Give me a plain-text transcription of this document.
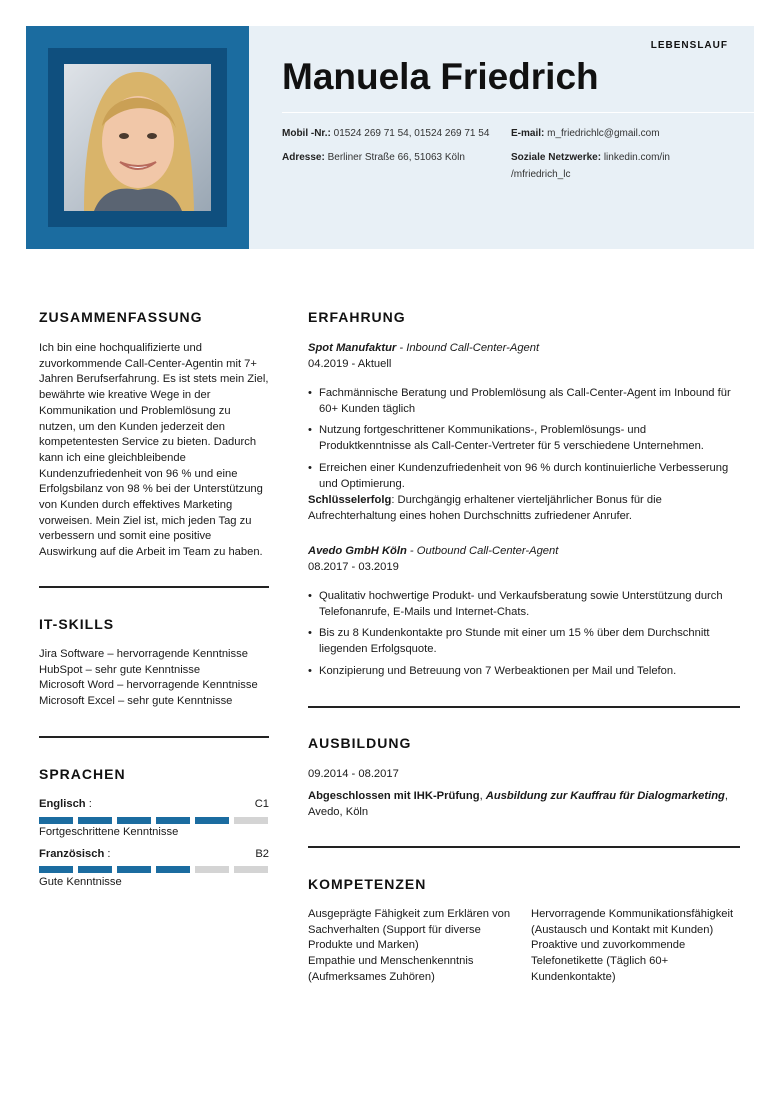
LEBENSLAUF
Manuela Friedrich
Mobil -Nr.: 01524 269 71 54, 01524 269 71 54 E-mail: m_friedrichlc@gmail.com
Adresse: Berliner Straße 66, 51063 Köln	Soziale Netzwerke: linkedin.com/in
/mfriedrich_lc
ZUSAMMENFASSUNG
Ich bin eine hochqualifizierte und
zuvorkommende Call-Center-Agentin mit 7+
Jahren Berufserfahrung. Es ist stets mein Ziel,
bewährte wie kreative Wege in der
Kommunikation und Problemlösung zu
nutzen, um den Kunden jederzeit den
kompetentesten Service zu bieten. Dadurch
kann ich eine gleichbleibende
Kundenzufriedenheit von 96 % und eine
Erfolgsbilanz von 98 % bei der Unterstützung
von Kunden durch effektives Marketing
vorweisen. Mein Ziel ist, mich jeden Tag zu
verbessern und somit eine positive
Auswirkung auf die Arbeit im Team zu haben.
IT-SKILLS
Jira Software – hervorragende Kenntnisse
HubSpot – sehr gute Kenntnisse
Microsoft Word – hervorragende Kenntnisse
Microsoft Excel – sehr gute Kenntnisse
SPRACHEN
Englisch :	C1
Fortgeschrittene Kenntnisse
Französisch :	B2
Gute Kenntnisse
ERFAHRUNG
Spot Manufaktur - Inbound Call-Center-Agent
04.2019 - Aktuell
• Fachmännische Beratung und Problemlösung als Call-Center-Agent im Inbound für
60+ Kunden täglich
• Nutzung fortgeschrittener Kommunikations-, Problemlösungs- und
Produktkenntnisse als Call-Center-Vertreter für 5 verschiedene Unternehmen.
• Erreichen einer Kundenzufriedenheit von 96 % durch kontinuierliche Verbesserung
und Optimierung.
Schlüsselerfolg: Durchgängig erhaltener vierteljährlicher Bonus für die
Aufrechterhaltung eines hohen Durchschnitts zufriedener Anrufer.
Avedo GmbH Köln - Outbound Call-Center-Agent
08.2017 - 03.2019
• Qualitativ hochwertige Produkt- und Verkaufsberatung sowie Unterstützung durch
Telefonanrufe, E-Mails und Internet-Chats.
• Bis zu 8 Kundenkontakte pro Stunde mit einer um 15 % über dem Durchschnitt
liegenden Erfolgsquote.
• Konzipierung und Betreuung von 7 Werbeaktionen per Mail und Telefon.
AUSBILDUNG
09.2014 - 08.2017
Abgeschlossen mit IHK-Prüfung, Ausbildung zur Kauffrau für Dialogmarketing,
Avedo, Köln
KOMPETENZEN
Ausgeprägte Fähigkeit zum Erklären von
Sachverhalten (Support für diverse
Produkte und Marken)
Empathie und Menschenkenntnis
(Aufmerksames Zuhören)
Hervorragende Kommunikationsfähigkeit
(Austausch und Kontakt mit Kunden)
Proaktive und zuvorkommende
Telefonetikette (Täglich 60+
Kundenkontakte)
